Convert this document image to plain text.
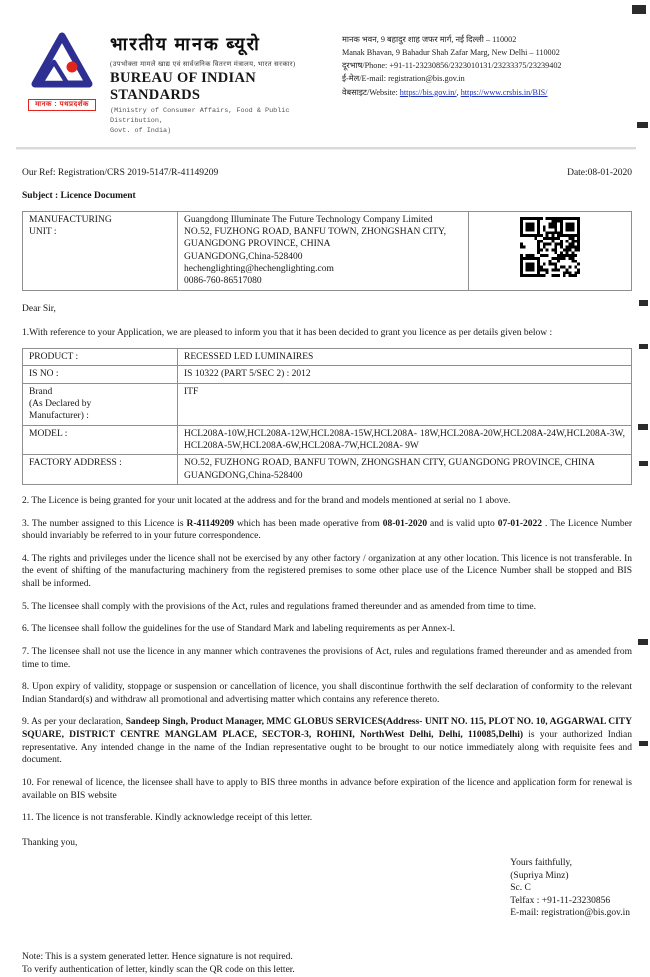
मानक : पथप्रदर्शक
भारतीय मानक ब्यूरो
(उपभोक्ता मामले खाद्य एवं सार्वजनिक वितरण मंत्रालय, भारत सरकार)
BUREAU OF INDIAN STANDARDS
(Ministry of Consumer Affairs, Food & Public Distribution,
Govt. of India)
मानक भवन, 9 बहादुर शाह जफर मार्ग, नई दिल्ली – 110002
Manak Bhavan, 9 Bahadur Shah Zafar Marg, New Delhi – 110002
दूरभाष/Phone: +91-11-23230856/2323010131/23233375/23239402
ई-मेल/E-mail: registration@bis.gov.in
वेबसाइट/Website: https://bis.gov.in/, https://www.crsbis.in/BIS/
Our Ref: Registration/CRS 2019-5147/R-41149209	Date:08-01-2020
Subject : Licence Document
MANUFACTURING
UNIT :	
Guangdong Illuminate The Future Technology Company Limited
NO.52, FUZHONG ROAD, BANFU TOWN, ZHONGSHAN CITY,
GUANGDONG PROVINCE, CHINA
GUANGDONG,China-528400
hechenglighting@hechenglighting.com
0086-760-86517080

Dear Sir,
1.With reference to your Application, we are pleased to inform you that it has been decided to grant you licence as per details given below :
PRODUCT :	RECESSED LED LUMINAIRES
IS NO :	IS 10322 (PART 5/SEC 2) : 2012
Brand
(As Declared by
Manufacturer) :	ITF
MODEL :	HCL208A-10W,HCL208A-12W,HCL208A-15W,HCL208A- 18W,HCL208A-20W,HCL208A-24W,HCL208A-3W,HCL208A-5W,HCL208A-6W,HCL208A-7W,HCL208A- 9W
FACTORY ADDRESS :	NO.52, FUZHONG ROAD, BANFU TOWN, ZHONGSHAN CITY, GUANGDONG PROVINCE, CHINA
GUANGDONG,China-528400
2. The Licence is being granted for your unit located at the address and for the brand and models mentioned at serial no 1 above.
3. The number assigned to this Licence is R-41149209 which has been made operative from 08-01-2020 and is valid upto 07-01-2022 . The Licence Number should invariably be referred to in your future correspondence.
4. The rights and privileges under the licence shall not be exercised by any other factory / organization at any other location. This licence is not transferable. In the event of shifting of the manufacturing machinery from the registered premises to some other place use of the Licence Number shall be stopped and BIS shall be informed.
5. The licensee shall comply with the provisions of the Act, rules and regulations framed thereunder and as amended from time to time.
6. The licensee shall follow the guidelines for the use of Standard Mark and labeling requirements as per Annex-l.
7. The licensee shall not use the licence in any manner which contravenes the provisions of Act, rules and regulations framed thereunder and as amended from time to time.
8. Upon expiry of validity, stoppage or suspension or cancellation of licence, you shall discontinue forthwith the self declaration of conformity to the relevant Indian Standard(s) and withdraw all promotional and advertising matter which contains any reference thereto.
9. As per your declaration, Sandeep Singh, Product Manager, MMC GLOBUS SERVICES(Address- UNIT NO. 115, PLOT NO. 10, AGGARWAL CITY SQUARE, DISTRICT CENTRE MANGLAM PLACE, SECTOR-3, ROHINI, NorthWest Delhi, Delhi, 110085,Delhi) is your authorized Indian representative. Any intended change in the name of the Indian representative ought to be brought to our notice immediately along with requisite fees and document.
10. For renewal of licence, the licensee shall have to apply to BIS three months in advance before expiration of the licence and application form for renewal is available on BIS website
11. The licence is not transferable. Kindly acknowledge receipt of this letter.
Thanking you,
Yours faithfully,
(Supriya Minz)
Sc. C
Telfax : +91-11-23230856
E-mail: registration@bis.gov.in
Note: This is a system generated letter. Hence signature is not required.
To verify authentication of letter, kindly scan the QR code on this letter.
